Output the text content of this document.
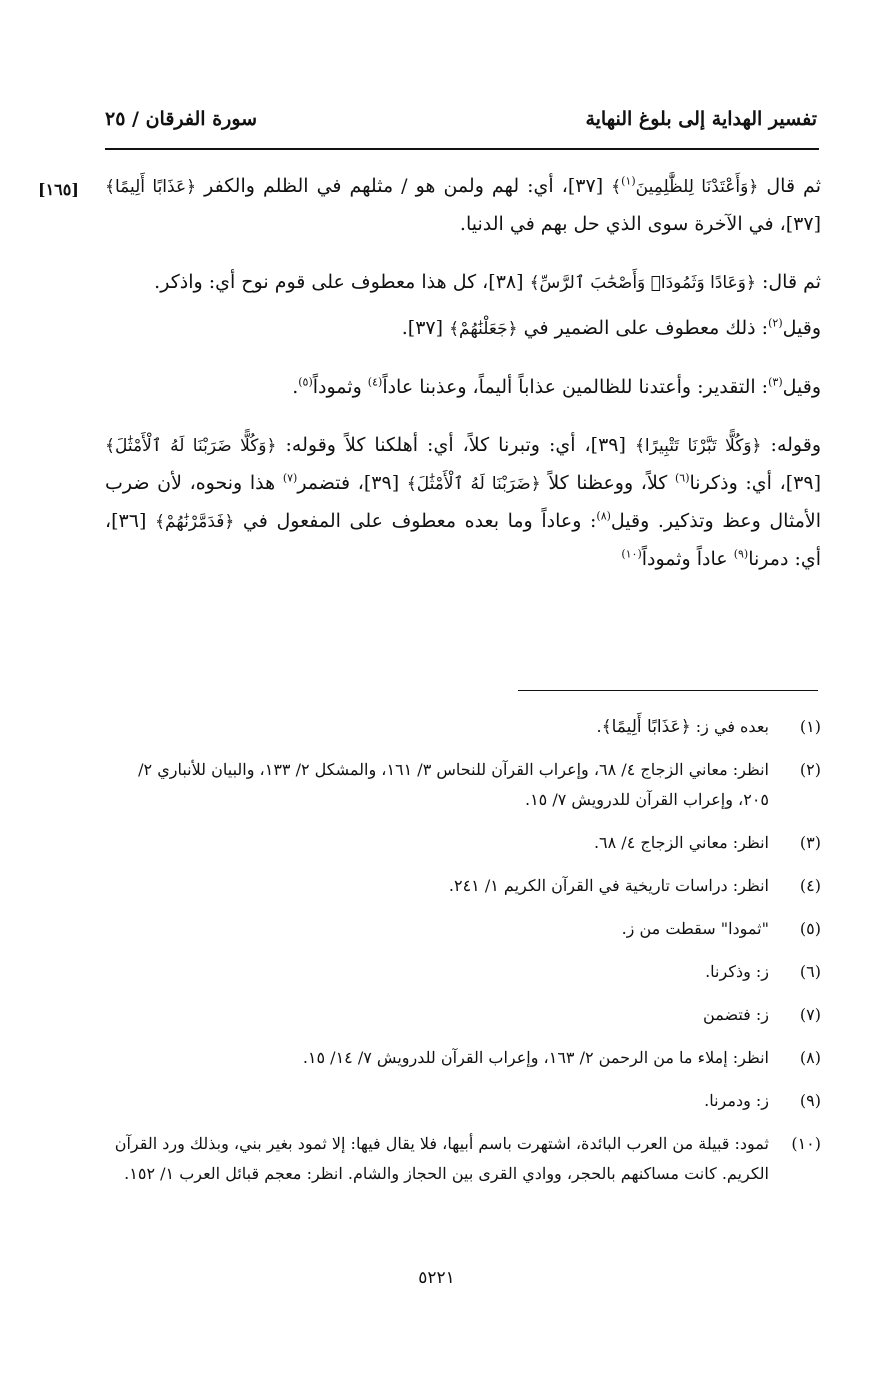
تفسير الهداية إلى بلوغ النهاية
سورة الفرقان / ٢٥
[١٦٥]	ثم قال ﴿وَأَعْتَدْنَا لِلظَّٰلِمِينَ$^{(١)}$﴾ [٣٧]، أي: لهم ولمن هو / مثلهم في الظلم والكفر ﴿عَذَابًا أَلِيمًا﴾ [٣٧]، في الآخرة سوى الذي حل بهم في الدنيا.

ثم قال: ﴿وَعَادًا وَثَمُودَا۟ وَأَصْحَٰبَ ٱلرَّسِّ﴾ [٣٨]، كل هذا معطوف على قوم نوح أي: واذكر.

وقيل$^{(٢)}$: ذلك معطوف على الضمير في ﴿جَعَلْنَٰهُمْ﴾ [٣٧].

وقيل$^{(٣)}$: التقدير: وأعتدنا للظالمين عذاباً أليماً، وعذبنا عاداً$^{(٤)}$ وثموداً$^{(٥)}$.

وقوله: ﴿وَكُلًّا تَبَّرْنَا تَتْبِيرًا﴾ [٣٩]، أي: وتبرنا كلاً، أي: أهلكنا كلاً وقوله: ﴿وَكُلًّا ضَرَبْنَا لَهُ ٱلْأَمْثَٰلَ﴾ [٣٩]، أي: وذكرنا$^{(٦)}$ كلاً، ووعظنا كلاً ﴿ضَرَبْنَا لَهُ ٱلْأَمْثَٰلَ﴾ [٣٩]، فتضمر$^{(٧)}$ هذا ونحوه، لأن ضرب الأمثال وعظ وتذكير. وقيل$^{(٨)}$: وعاداً وما بعده معطوف على المفعول في ﴿فَدَمَّرْنَٰهُمْ﴾ [٣٦]، أي: دمرنا$^{(٩)}$ عاداً وثموداً$^{(١٠)}$

(١)
بعده في ز: ﴿عَذَابًا أَلِيمًا﴾.
(٢)
انظر: معاني الزجاج ٤/ ٦٨، وإعراب القرآن للنحاس ٣/ ١٦١، والمشكل ٢/ ١٣٣، والبيان للأنباري ٢/ ٢٠٥، وإعراب القرآن للدرويش ٧/ ١٥.
(٣)
انظر: معاني الزجاج ٤/ ٦٨.
(٤)
انظر: دراسات تاريخية في القرآن الكريم ١/ ٢٤١.
(٥)
"ثمودا" سقطت من ز.
(٦)
ز: وذكرنا.
(٧)
ز: فتضمن
(٨)
انظر: إملاء ما من الرحمن ٢/ ١٦٣، وإعراب القرآن للدرويش ٧/ ١٤/ ١٥.
(٩)
ز: ودمرنا.
(١٠)
ثمود: قبيلة من العرب البائدة، اشتهرت باسم أبيها، فلا يقال فيها: إلا ثمود بغير بني، وبذلك ورد القرآن الكريم. كانت مساكنهم بالحجر، ووادي القرى بين الحجاز والشام. انظر: معجم قبائل العرب ١/ ١٥٢.
٥٢٢١
